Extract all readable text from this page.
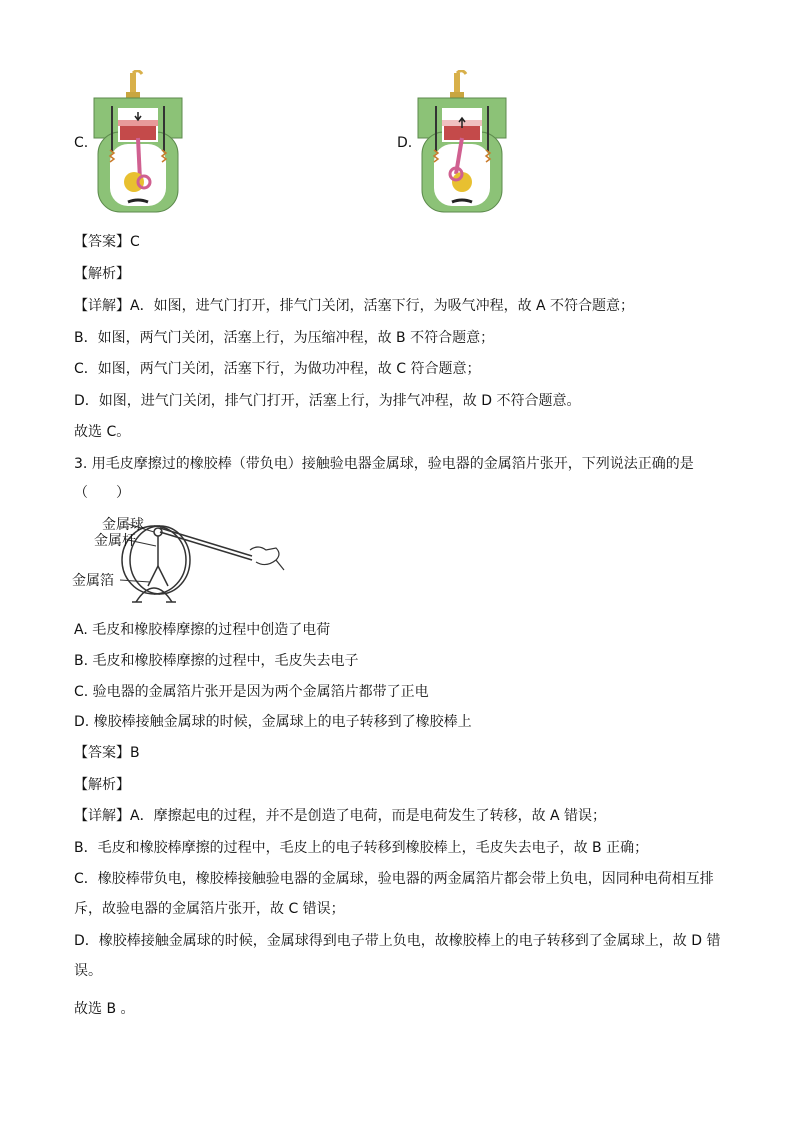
C.	D.
【答案】C
【解析】
【详解】A．如图，进气门打开，排气门关闭，活塞下行，为吸气冲程，故 A 不符合题意；
B．如图，两气门关闭，活塞上行，为压缩冲程，故 B 不符合题意；
C．如图，两气门关闭，活塞下行，为做功冲程，故 C 符合题意；
D．如图，进气门关闭，排气门打开，活塞上行，为排气冲程，故 D 不符合题意。
故选 C。
3. 用毛皮摩擦过的橡胶棒（带负电）接触验电器金属球，验电器的金属箔片张开，下列说法正确的是
（　　）
金属球
金属杆
金属箔
A. 毛皮和橡胶棒摩擦的过程中创造了电荷
B. 毛皮和橡胶棒摩擦的过程中，毛皮失去电子
C. 验电器的金属箔片张开是因为两个金属箔片都带了正电
D. 橡胶棒接触金属球的时候，金属球上的电子转移到了橡胶棒上
【答案】B
【解析】
【详解】A．摩擦起电的过程，并不是创造了电荷，而是电荷发生了转移，故 A 错误；
B．毛皮和橡胶棒摩擦的过程中，毛皮上的电子转移到橡胶棒上，毛皮失去电子，故 B 正确；
C．橡胶棒带负电，橡胶棒接触验电器的金属球，验电器的两金属箔片都会带上负电，因同种电荷相互排
斥，故验电器的金属箔片张开，故 C 错误；
D．橡胶棒接触金属球的时候，金属球得到电子带上负电，故橡胶棒上的电子转移到了金属球上，故 D 错
误。
故选 B 。
